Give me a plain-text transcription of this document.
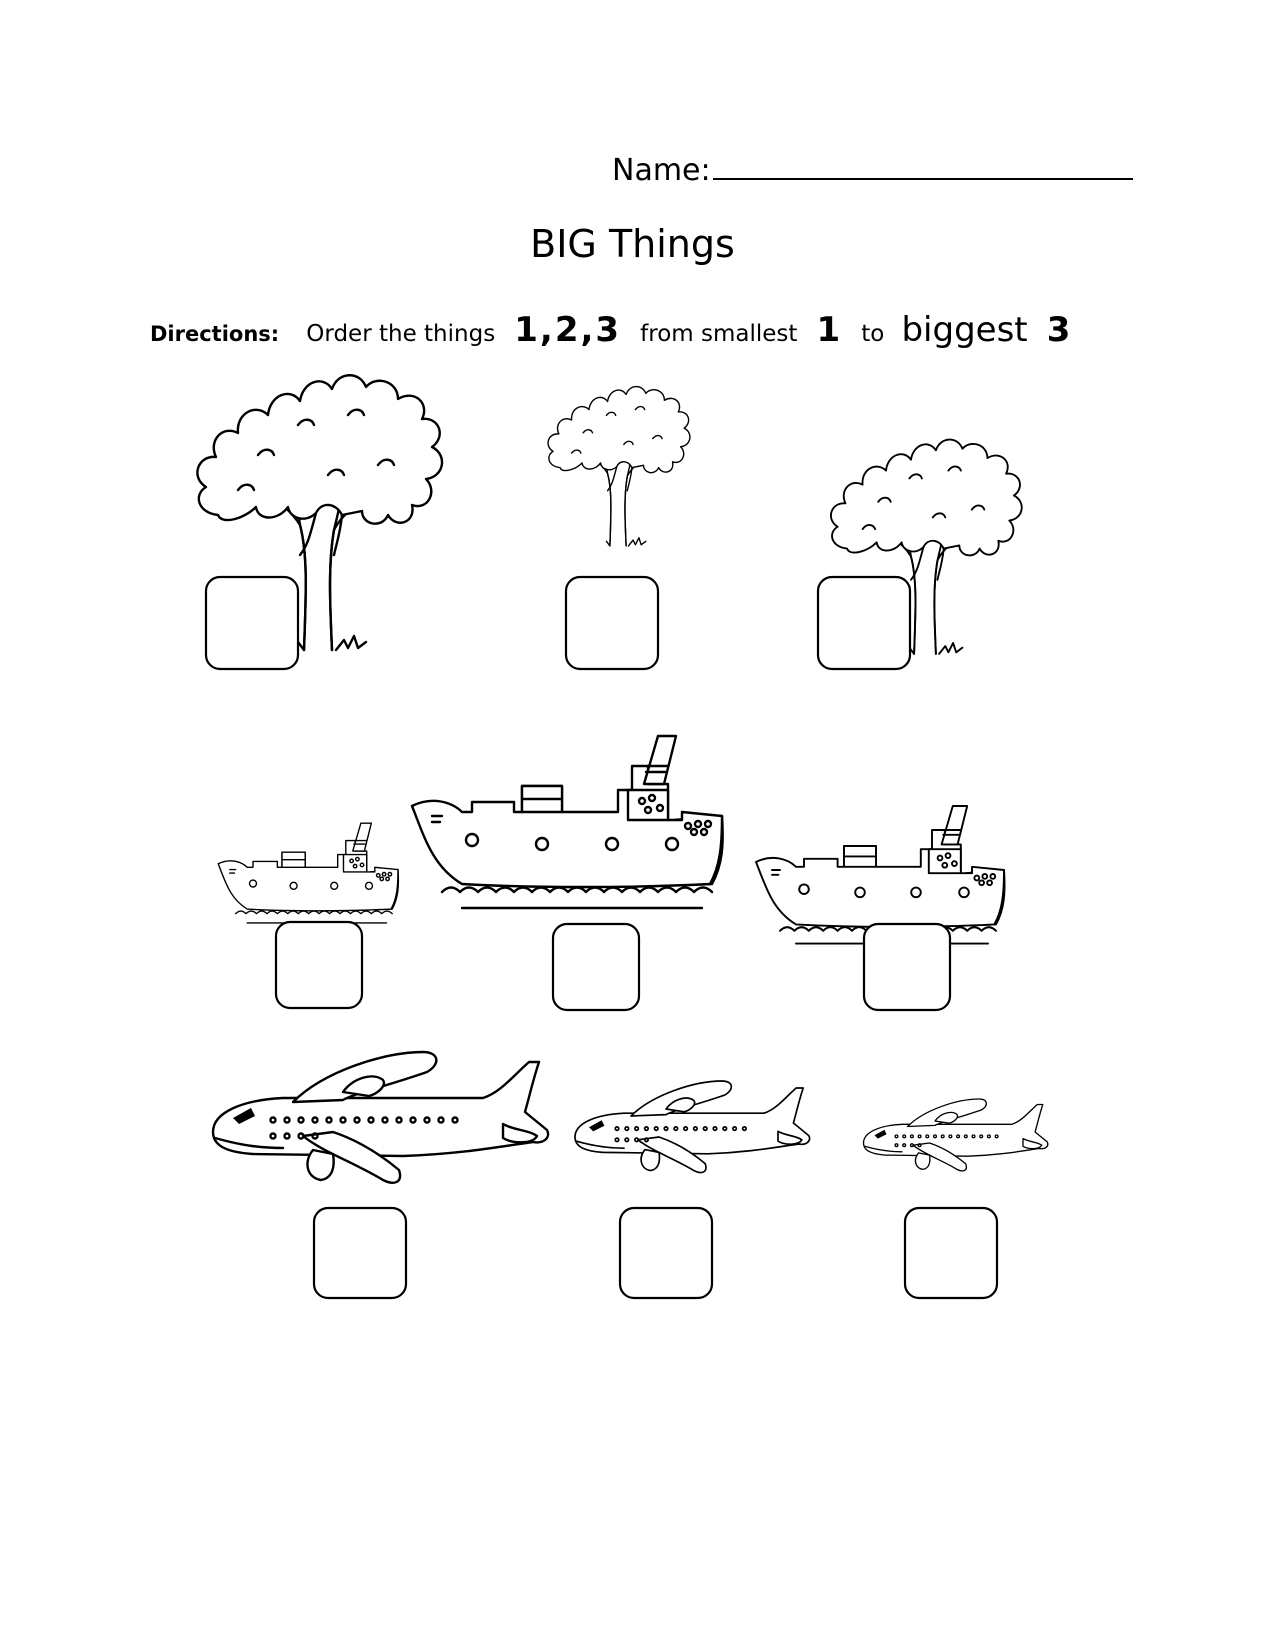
Name:
BIG Things
Directions: Order the things 1,2,3 from smallest 1 to biggest 3
